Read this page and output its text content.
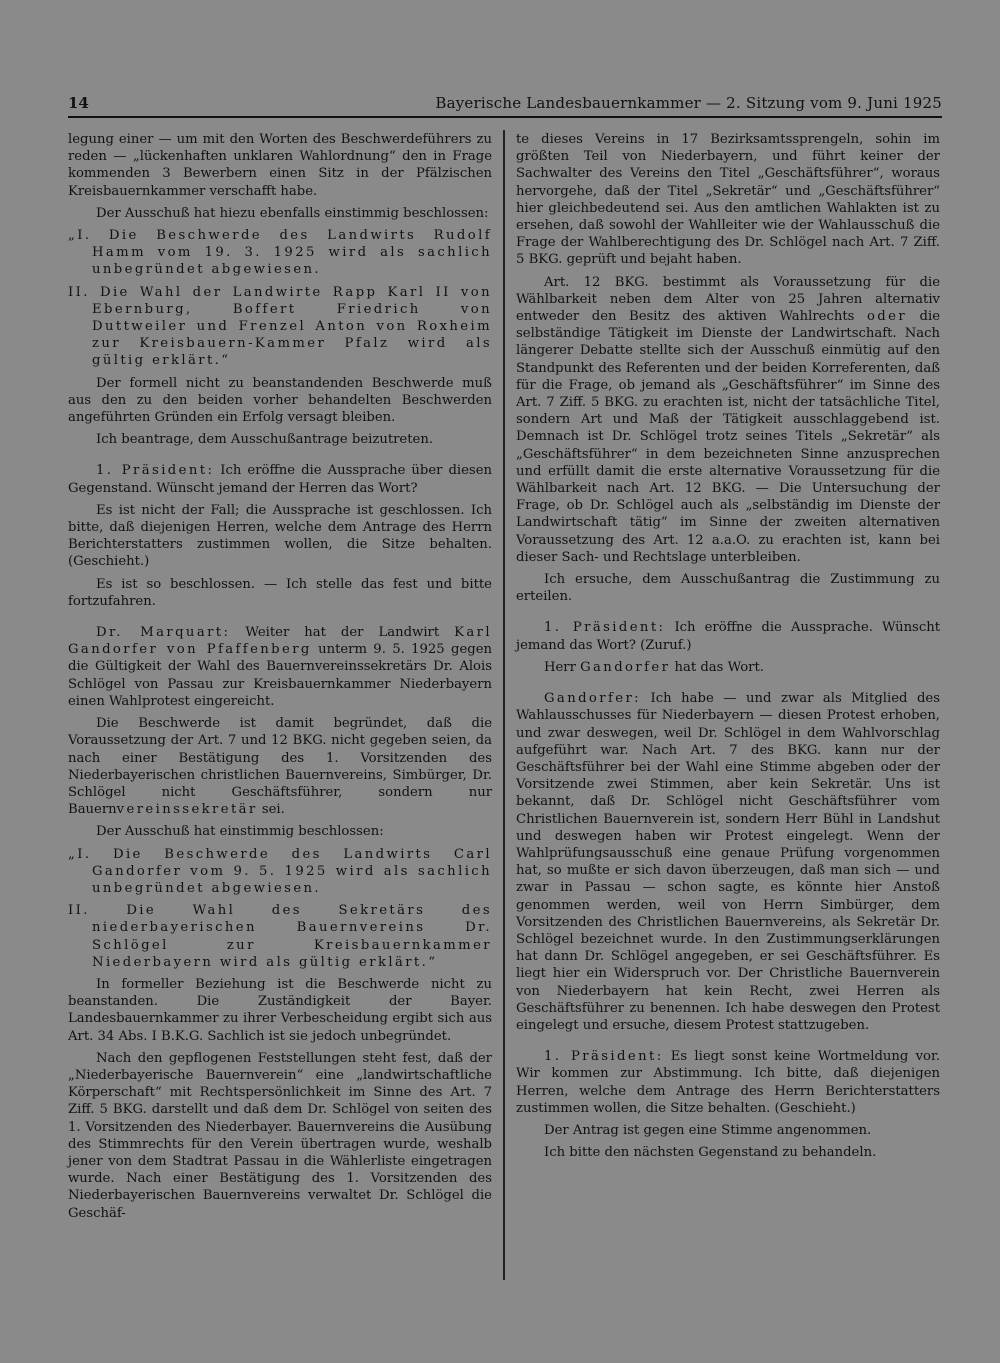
14	Bayerische Landesbauernkammer — 2. Sitzung vom 9. Juni 1925

legung einer — um mit den Worten des Beschwerdeführers zu reden — „lückenhaften unklaren Wahlordnung“ den in Frage kommenden 3 Bewerbern einen Sitz in der Pfälzischen Kreisbauernkammer verschafft habe.

Der Ausschuß hat hiezu ebenfalls einstimmig beschlossen:

„I. Die Beschwerde des Landwirts Rudolf Hamm vom 19. 3. 1925 wird als sachlich unbegründet abgewiesen.

II. Die Wahl der Landwirte Rapp Karl II von Ebernburg, Boffert Friedrich von Duttweiler und Frenzel Anton von Roxheim zur Kreisbauern-Kammer Pfalz wird als gültig erklärt.“

Der formell nicht zu beanstandenden Beschwerde muß aus den zu den beiden vorher behandelten Beschwerden angeführten Gründen ein Erfolg versagt bleiben.

Ich beantrage, dem Ausschußantrage beizutreten.

1. Präsident: Ich eröffne die Aussprache über diesen Gegenstand. Wünscht jemand der Herren das Wort?

Es ist nicht der Fall; die Aussprache ist geschlossen. Ich bitte, daß diejenigen Herren, welche dem Antrage des Herrn Berichterstatters zustimmen wollen, die Sitze behalten. (Geschieht.)

Es ist so beschlossen. — Ich stelle das fest und bitte fortzufahren.

Dr. Marquart: Weiter hat der Landwirt Karl Gandorfer von Pfaffenberg unterm 9. 5. 1925 gegen die Gültigkeit der Wahl des Bauernvereinssekretärs Dr. Alois Schlögel von Passau zur Kreisbauernkammer Niederbayern einen Wahlprotest eingereicht.

Die Beschwerde ist damit begründet, daß die Voraussetzung der Art. 7 und 12 BKG. nicht gegeben seien, da nach einer Bestätigung des 1. Vorsitzenden des Niederbayerischen christlichen Bauernvereins, Simbürger, Dr. Schlögel nicht Geschäftsführer, sondern nur Bauernvereinssekretär sei.

Der Ausschuß hat einstimmig beschlossen:

„I. Die Beschwerde des Landwirts Carl Gandorfer vom 9. 5. 1925 wird als sachlich unbegründet abgewiesen.

II. Die Wahl des Sekretärs des niederbayerischen Bauernvereins Dr. Schlögel zur Kreisbauernkammer Niederbayern wird als gültig erklärt.“

In formeller Beziehung ist die Beschwerde nicht zu beanstanden. Die Zuständigkeit der Bayer. Landesbauernkammer zu ihrer Verbescheidung ergibt sich aus Art. 34 Abs. I B.K.G. Sachlich ist sie jedoch unbegründet.

Nach den gepflogenen Feststellungen steht fest, daß der „Niederbayerische Bauernverein“ eine „landwirtschaftliche Körperschaft“ mit Rechtspersönlichkeit im Sinne des Art. 7 Ziff. 5 BKG. darstellt und daß dem Dr. Schlögel von seiten des 1. Vorsitzenden des Niederbayer. Bauernvereins die Ausübung des Stimmrechts für den Verein übertragen wurde, weshalb jener von dem Stadtrat Passau in die Wählerliste eingetragen wurde. Nach einer Bestätigung des 1. Vorsitzenden des Niederbayerischen Bauernvereins verwaltet Dr. Schlögel die Geschäf-

te dieses Vereins in 17 Bezirksamtssprengeln, sohin im größten Teil von Niederbayern, und führt keiner der Sachwalter des Vereins den Titel „Geschäftsführer“, woraus hervorgehe, daß der Titel „Sekretär“ und „Geschäftsführer“ hier gleichbedeutend sei. Aus den amtlichen Wahlakten ist zu ersehen, daß sowohl der Wahlleiter wie der Wahlausschuß die Frage der Wahlberechtigung des Dr. Schlögel nach Art. 7 Ziff. 5 BKG. geprüft und bejaht haben.

Art. 12 BKG. bestimmt als Voraussetzung für die Wählbarkeit neben dem Alter von 25 Jahren alternativ entweder den Besitz des aktiven Wahlrechts oder die selbständige Tätigkeit im Dienste der Landwirtschaft. Nach längerer Debatte stellte sich der Ausschuß einmütig auf den Standpunkt des Referenten und der beiden Korreferenten, daß für die Frage, ob jemand als „Geschäftsführer“ im Sinne des Art. 7 Ziff. 5 BKG. zu erachten ist, nicht der tatsächliche Titel, sondern Art und Maß der Tätigkeit ausschlaggebend ist. Demnach ist Dr. Schlögel trotz seines Titels „Sekretär“ als „Geschäftsführer“ in dem bezeichneten Sinne anzusprechen und erfüllt damit die erste alternative Voraussetzung für die Wählbarkeit nach Art. 12 BKG. — Die Untersuchung der Frage, ob Dr. Schlögel auch als „selbständig im Dienste der Landwirtschaft tätig“ im Sinne der zweiten alternativen Voraussetzung des Art. 12 a.a.O. zu erachten ist, kann bei dieser Sach- und Rechtslage unterbleiben.

Ich ersuche, dem Ausschußantrag die Zustimmung zu erteilen.

1. Präsident: Ich eröffne die Aussprache. Wünscht jemand das Wort? (Zuruf.)

Herr Gandorfer hat das Wort.

Gandorfer: Ich habe — und zwar als Mitglied des Wahlausschusses für Niederbayern — diesen Protest erhoben, und zwar deswegen, weil Dr. Schlögel in dem Wahlvorschlag aufgeführt war. Nach Art. 7 des BKG. kann nur der Geschäftsführer bei der Wahl eine Stimme abgeben oder der Vorsitzende zwei Stimmen, aber kein Sekretär. Uns ist bekannt, daß Dr. Schlögel nicht Geschäftsführer vom Christlichen Bauernverein ist, sondern Herr Bühl in Landshut und deswegen haben wir Protest eingelegt. Wenn der Wahlprüfungsausschuß eine genaue Prüfung vorgenommen hat, so mußte er sich davon überzeugen, daß man sich — und zwar in Passau — schon sagte, es könnte hier Anstoß genommen werden, weil von Herrn Simbürger, dem Vorsitzenden des Christlichen Bauernvereins, als Sekretär Dr. Schlögel bezeichnet wurde. In den Zustimmungserklärungen hat dann Dr. Schlögel angegeben, er sei Geschäftsführer. Es liegt hier ein Widerspruch vor. Der Christliche Bauernverein von Niederbayern hat kein Recht, zwei Herren als Geschäftsführer zu benennen. Ich habe deswegen den Protest eingelegt und ersuche, diesem Protest stattzugeben.

1. Präsident: Es liegt sonst keine Wortmeldung vor. Wir kommen zur Abstimmung. Ich bitte, daß diejenigen Herren, welche dem Antrage des Herrn Berichterstatters zustimmen wollen, die Sitze behalten. (Geschieht.)

Der Antrag ist gegen eine Stimme angenommen.

Ich bitte den nächsten Gegenstand zu behandeln.
